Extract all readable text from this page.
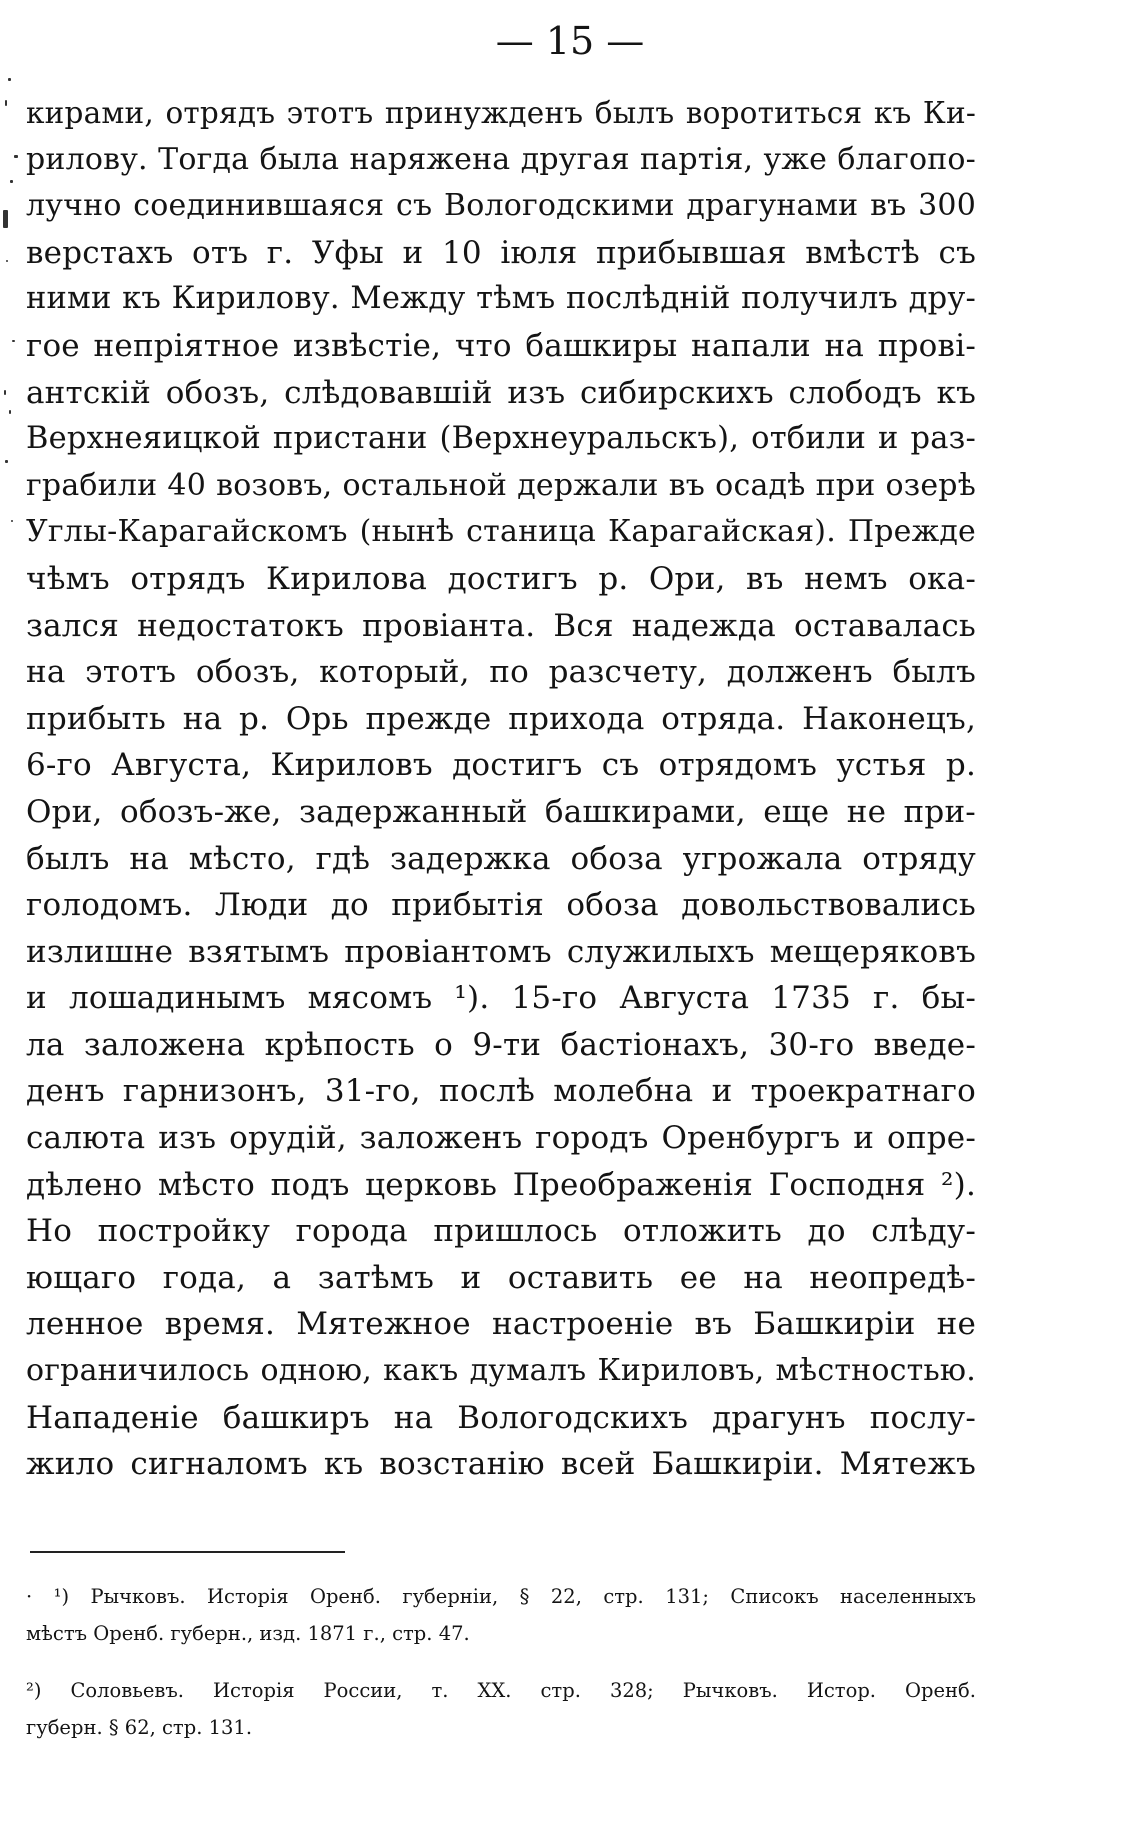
— 15 —
кирами, отрядъ этотъ принужденъ былъ воротиться къ Ки-
рилову. Тогда была наряжена другая партія, уже благопо-
лучно соединившаяся съ Вологодскими драгунами въ 300
верстахъ отъ г. Уфы и 10 іюля прибывшая вмѣстѣ съ
ними къ Кирилову. Между тѣмъ послѣдній получилъ дру-
гое непріятное извѣстіе, что башкиры напали на провi-
антскiй обозъ, слѣдовавшiй изъ сибирскихъ слободъ къ
Верхнеяицкой пристани (Верхнеуральскъ), отбили и раз-
грабили 40 возовъ, остальной держали въ осадѣ при озерѣ
Углы-Карагайскомъ (нынѣ станица Карагайская). Прежде
чѣмъ отрядъ Кирилова достигъ р. Ори, въ немъ ока-
зался недостатокъ провiанта. Вся надежда оставалась
на этотъ обозъ, который, по разсчету, долженъ былъ
прибыть на р. Орь прежде прихода отряда. Наконецъ,
6-го Августа, Кириловъ достигъ съ отрядомъ устья р.
Ори, обозъ-же, задержанный башкирами, еще не при-
былъ на мѣсто, гдѣ задержка обоза угрожала отряду
голодомъ. Люди до прибытія обоза довольствовались
излишне взятымъ провiантомъ служилыхъ мещеряковъ
и лошадинымъ мясомъ ¹). 15-го Августа 1735 г. бы-
ла заложена крѣпость о 9-ти бастiонахъ, 30-го введе-
денъ гарнизонъ, 31-го, послѣ молебна и троекратнаго
салюта изъ орудiй, заложенъ городъ Оренбургъ и опре-
дѣлено мѣсто подъ церковь Преображенія Господня ²).
Но постройку города пришлось отложить до слѣду-
ющаго года, а затѣмъ и оставить ее на неопредѣ-
ленное время. Мятежное настроенiе въ Башкирiи не
ограничилось одною, какъ думалъ Кириловъ, мѣстностью.
Нападенiе башкиръ на Вологодскихъ драгунъ послу-
жило сигналомъ къ возстанiю всей Башкирiи. Мятежъ
· ¹) Рычковъ. Исторія Оренб. губерніи, § 22, стр. 131; Списокъ населенныхъ
мѣстъ Оренб. губерн., изд. 1871 г., стр. 47.
²) Соловьевъ. Исторія России, т. XX. стр. 328; Рычковъ. Истор. Оренб.
губерн. § 62, стр. 131.
